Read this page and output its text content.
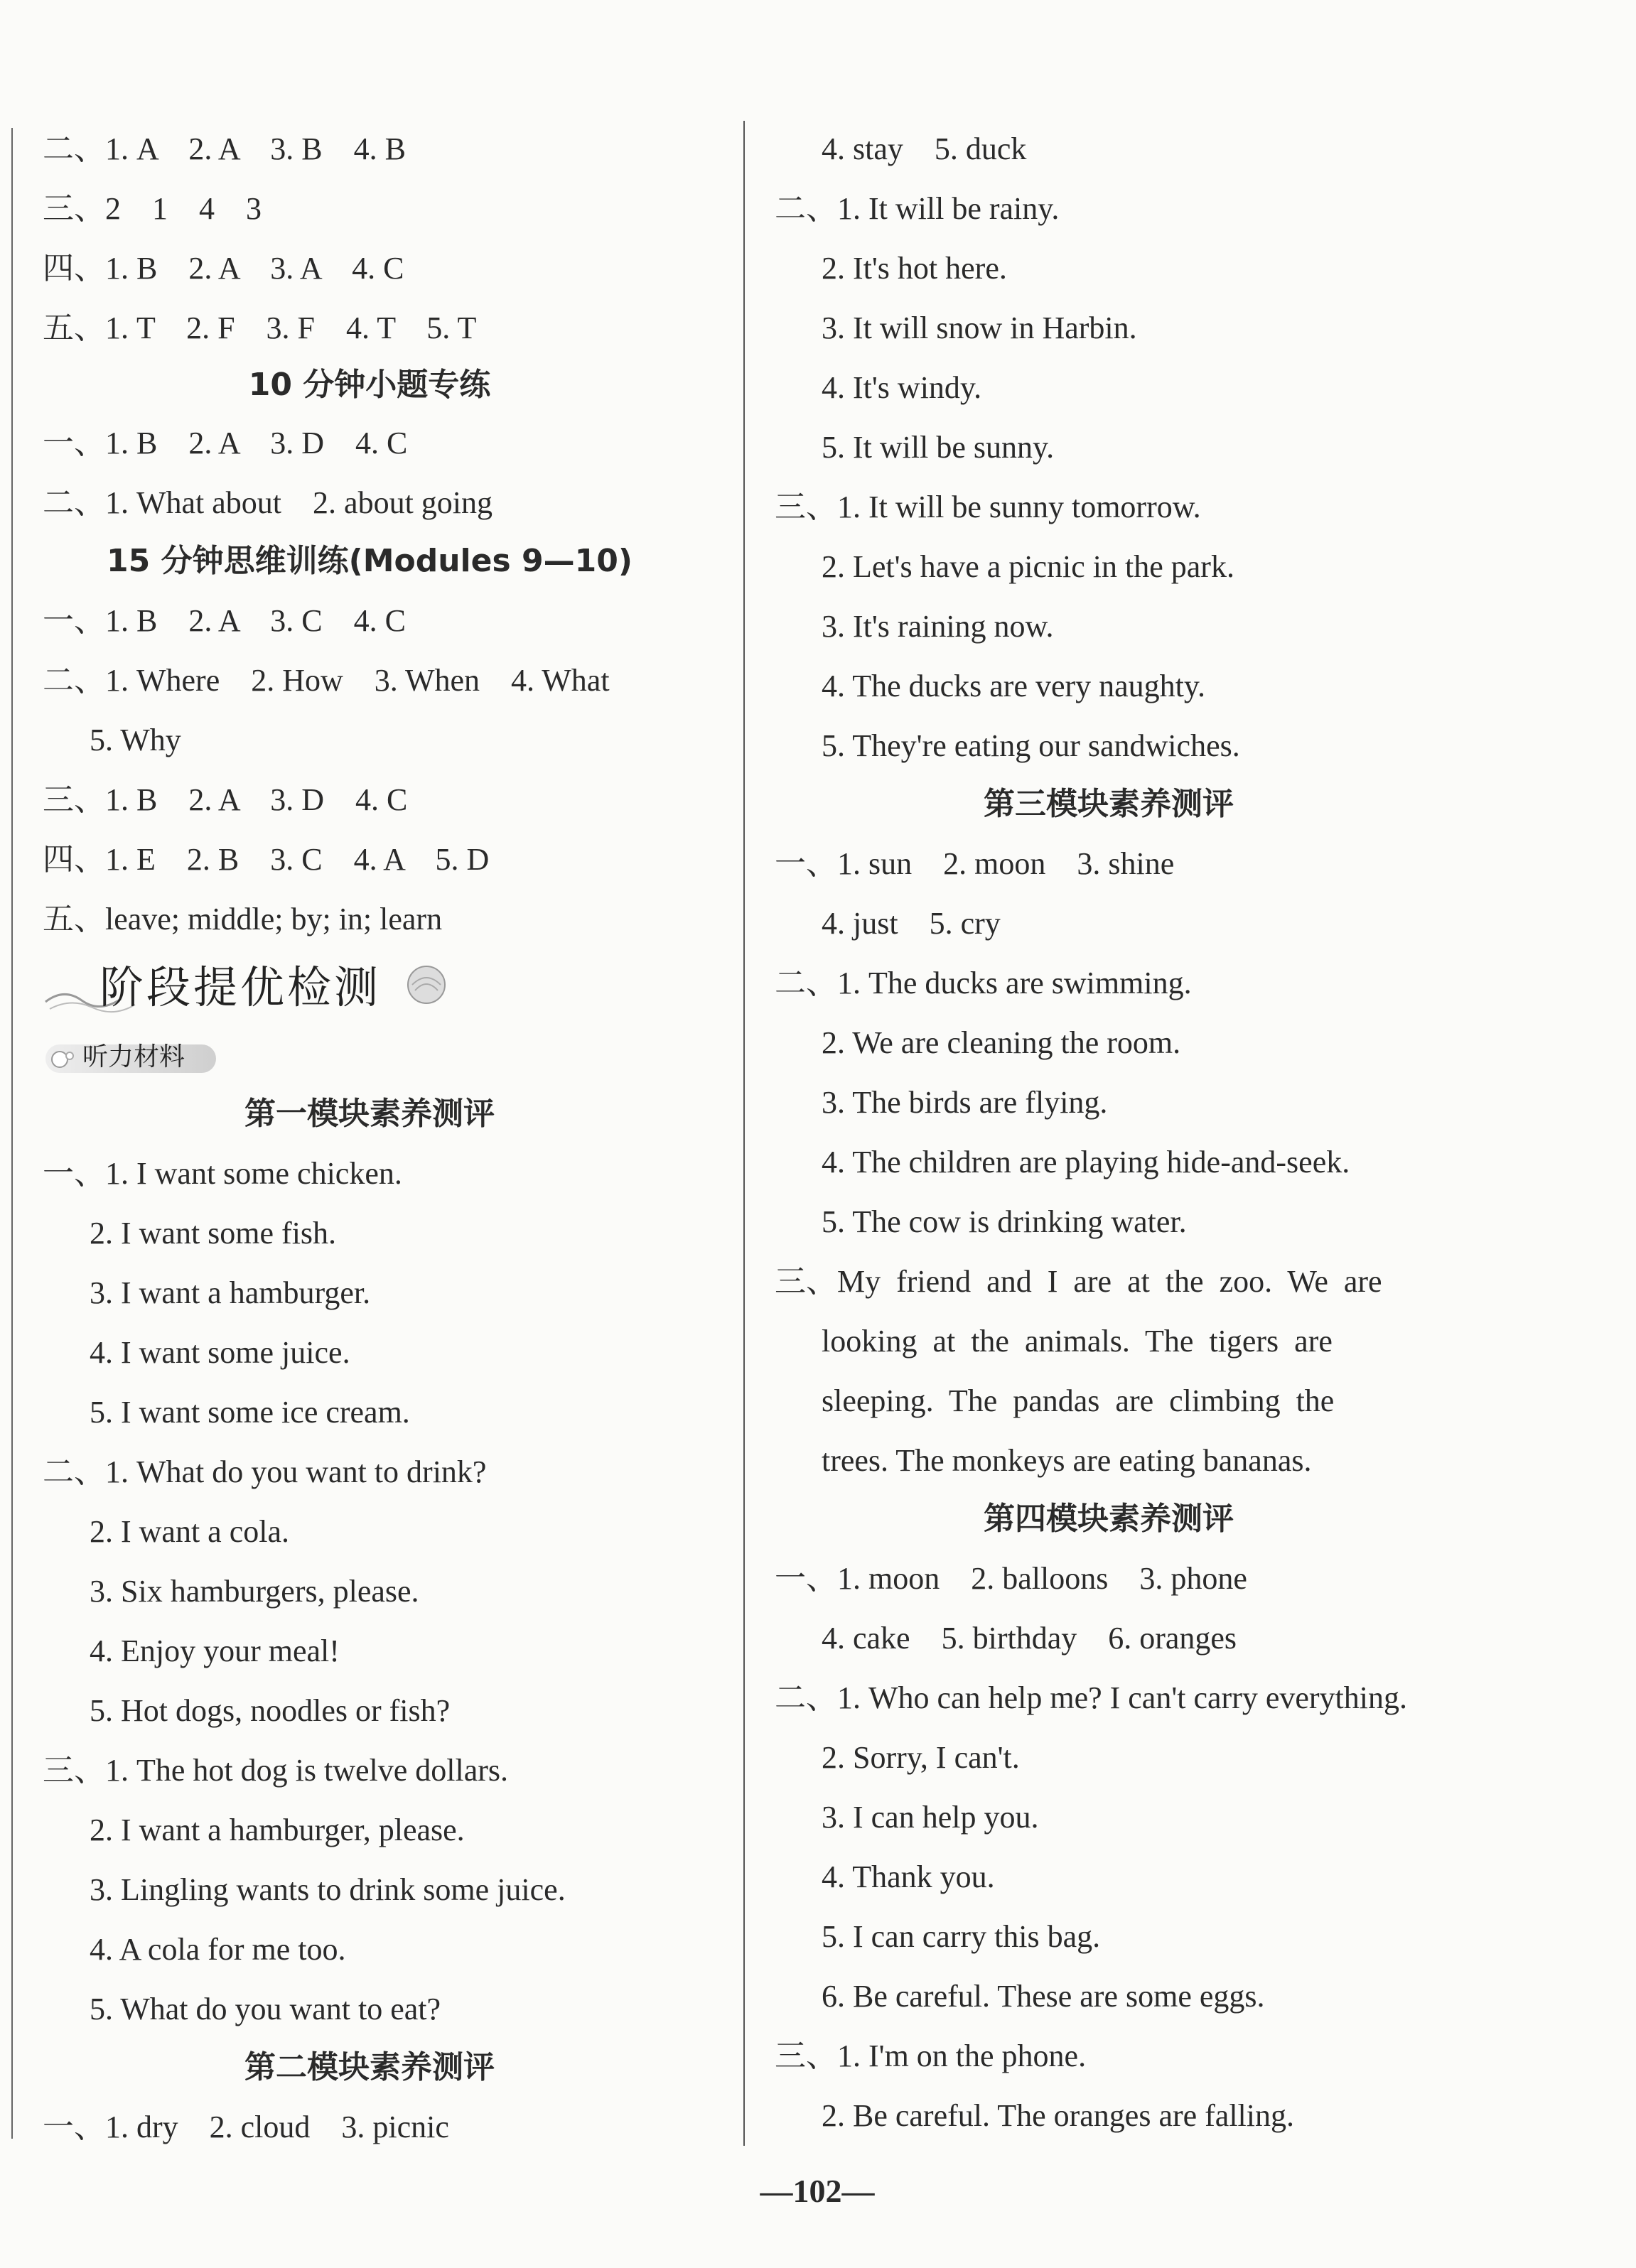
二、1. A    2. A    3. B    4. B
三、2    1    4    3
四、1. B    2. A    3. A    4. C
五、1. T    2. F    3. F    4. T    5. T
10 分钟小题专练
一、1. B    2. A    3. D    4. C
二、1. What about    2. about going
15 分钟思维训练(Modules 9—10)
一、1. B    2. A    3. C    4. C
二、1. Where    2. How    3. When    4. What
5. Why
三、1. B    2. A    3. D    4. C
四、1. E    2. B    3. C    4. A    5. D
五、leave; middle; by; in; learn
阶段提优检测
听力材料
第一模块素养测评
一、1. I want some chicken.
2. I want some fish.
3. I want a hamburger.
4. I want some juice.
5. I want some ice cream.
二、1. What do you want to drink?
2. I want a cola.
3. Six hamburgers, please.
4. Enjoy your meal!
5. Hot dogs, noodles or fish?
三、1. The hot dog is twelve dollars.
2. I want a hamburger, please.
3. Lingling wants to drink some juice.
4. A cola for me too.
5. What do you want to eat?
第二模块素养测评
一、1. dry    2. cloud    3. picnic
4. stay    5. duck
二、1. It will be rainy.
2. It's hot here.
3. It will snow in Harbin.
4. It's windy.
5. It will be sunny.
三、1. It will be sunny tomorrow.
2. Let's have a picnic in the park.
3. It's raining now.
4. The ducks are very naughty.
5. They're eating our sandwiches.
第三模块素养测评
一、1. sun    2. moon    3. shine
4. just    5. cry
二、1. The ducks are swimming.
2. We are cleaning the room.
3. The birds are flying.
4. The children are playing hide-and-seek.
5. The cow is drinking water.
三、My  friend  and  I  are  at  the  zoo.  We  are
looking  at  the  animals.  The  tigers  are
sleeping.  The  pandas  are  climbing  the
trees. The monkeys are eating bananas.
第四模块素养测评
一、1. moon    2. balloons    3. phone
4. cake    5. birthday    6. oranges
二、1. Who can help me? I can't carry everything.
2. Sorry, I can't.
3. I can help you.
4. Thank you.
5. I can carry this bag.
6. Be careful. These are some eggs.
三、1. I'm on the phone.
2. Be careful. The oranges are falling.
—102—
